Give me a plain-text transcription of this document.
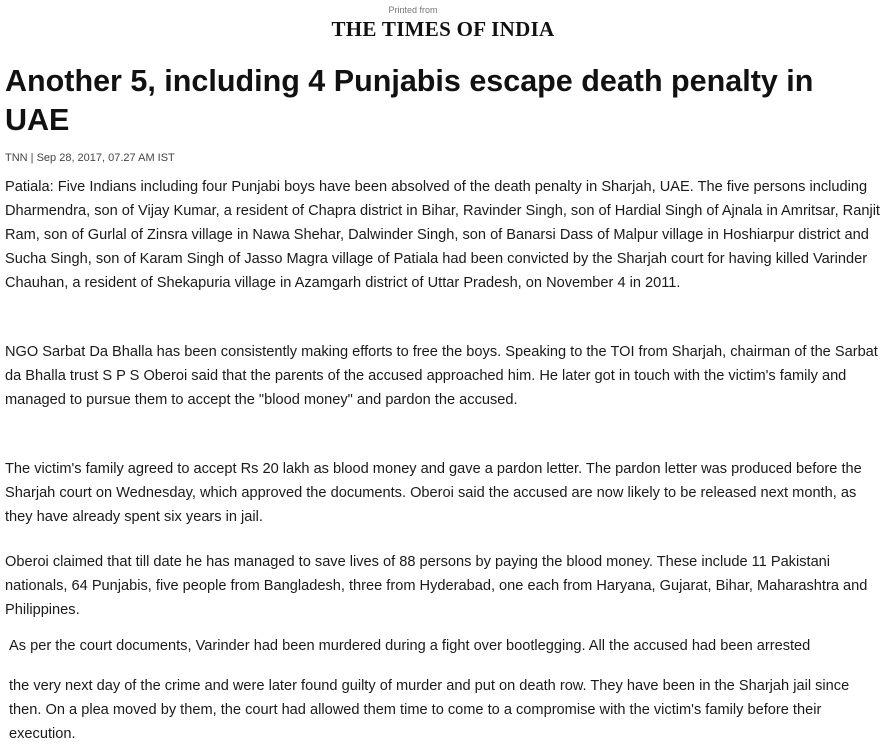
Printed from
THE TIMES OF INDIA
Another 5, including 4 Punjabis escape death penalty in UAE
TNN | Sep 28, 2017, 07.27 AM IST

Patiala: Five Indians including four Punjabi boys have been absolved of the death penalty in Sharjah, UAE. The five persons including Dharmendra, son of Vijay Kumar, a resident of Chapra district in Bihar, Ravinder Singh, son of Hardial Singh of Ajnala in Amritsar, Ranjit Ram, son of Gurlal of Zinsra village in Nawa Shehar, Dalwinder Singh, son of Banarsi Dass of Malpur village in Hoshiarpur district and Sucha Singh, son of Karam Singh of Jasso Magra village of Patiala had been convicted by the Sharjah court for having killed Varinder Chauhan, a resident of Shekapuria village in Azamgarh district of Uttar Pradesh, on November 4 in 2011.

NGO Sarbat Da Bhalla has been consistently making efforts to free the boys. Speaking to the TOI from Sharjah, chairman of the Sarbat da Bhalla trust S P S Oberoi said that the parents of the accused approached him. He later got in touch with the victim's family and managed to pursue them to accept the "blood money" and pardon the accused.

The victim's family agreed to accept Rs 20 lakh as blood money and gave a pardon letter. The pardon letter was produced before the Sharjah court on Wednesday, which approved the documents. Oberoi said the accused are now likely to be released next month, as they have already spent six years in jail.

Oberoi claimed that till date he has managed to save lives of 88 persons by paying the blood money. These include 11 Pakistani nationals, 64 Punjabis, five people from Bangladesh, three from Hyderabad, one each from Haryana, Gujarat, Bihar, Maharashtra and Philippines.

As per the court documents, Varinder had been murdered during a fight over bootlegging. All the accused had been arrested

the very next day of the crime and were later found guilty of murder and put on death row. They have been in the Sharjah jail since then. On a plea moved by them, the court had allowed them time to come to a compromise with the victim's family before their execution.
